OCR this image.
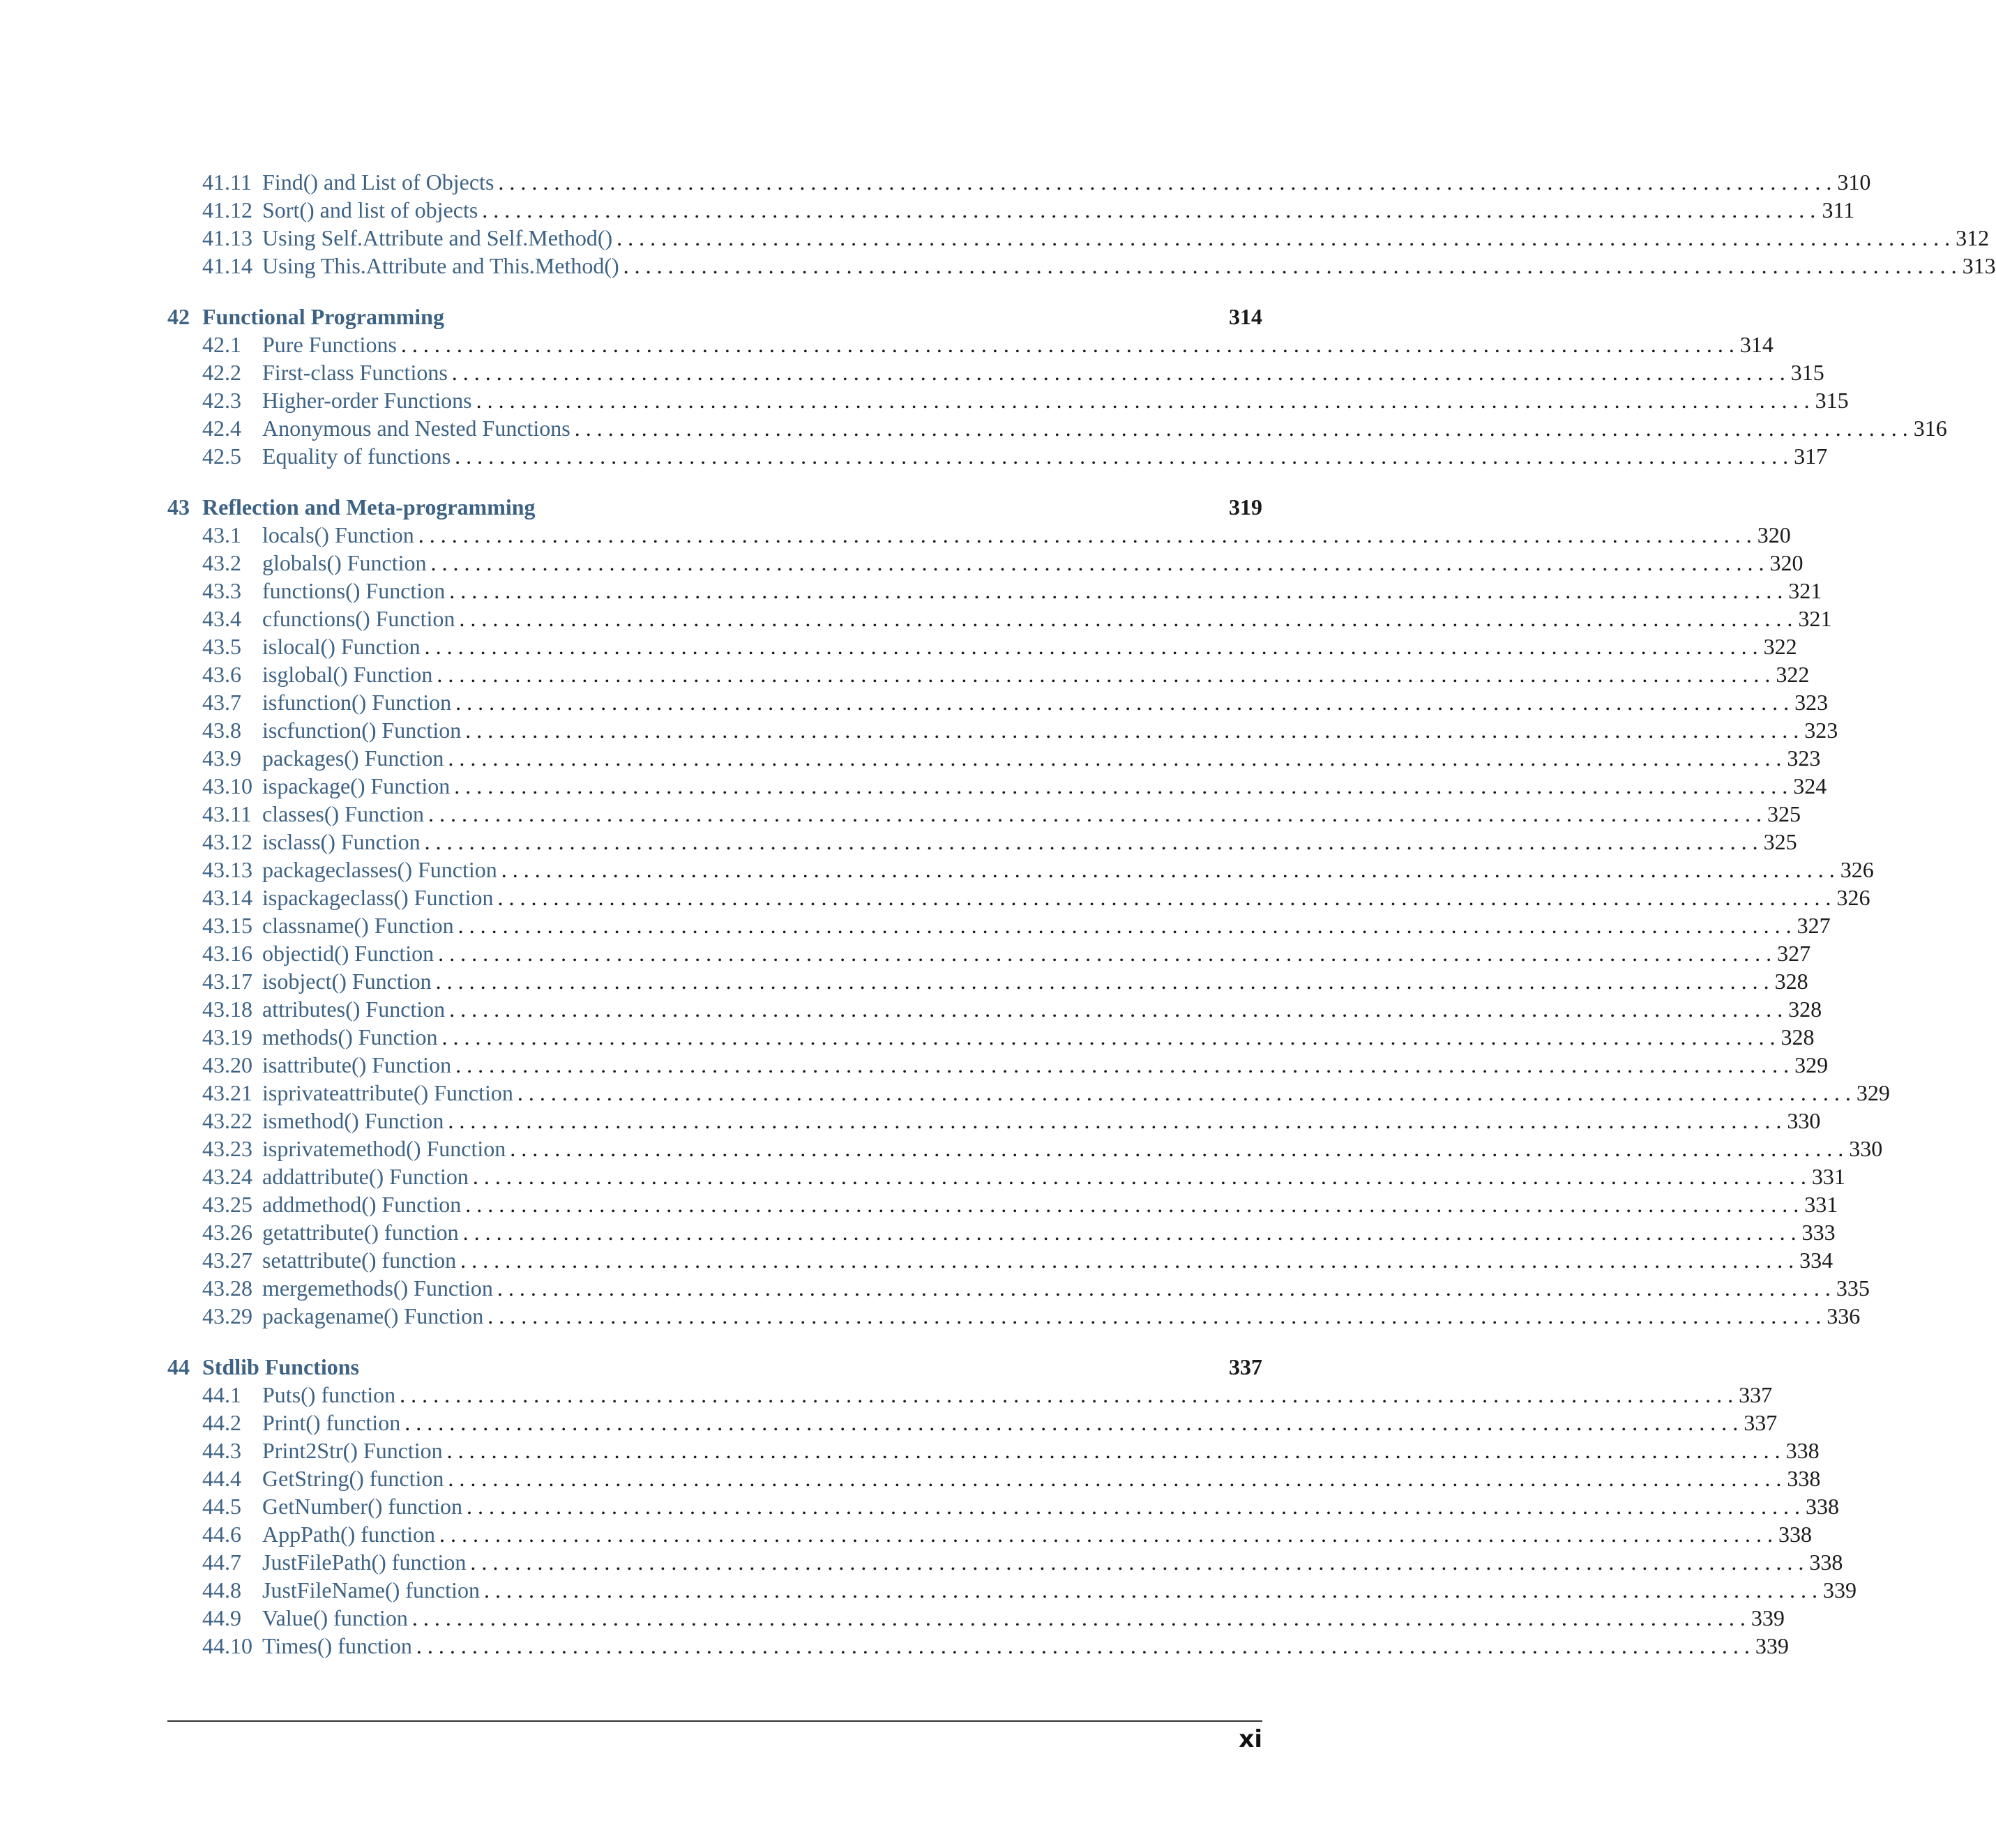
41.11 Find() and List of Objects . . . . . . . . . . . . . . . . . . . . . . . . . . . . . . . . . . . . . . . . . . . . . . . . . . . . . . . . . . . . . . . . . . . . . . . . . . . . . . . . . . . . . . . . . . . . . . . . . . . . . . . . . . . . . . . . . . . . . . . . 310
41.12 Sort() and list of objects . . . . . . . . . . . . . . . . . . . . . . . . . . . . . . . . . . . . . . . . . . . . . . . . . . . . . . . . . . . . . . . . . . . . . . . . . . . . . . . . . . . . . . . . . . . . . . . . . . . . . . . . . . . . . . . . . . . . . . . . 311
41.13 Using Self.Attribute and Self.Method() . . . . . . . . . . . . . . . . . . . . . . . . . . . . . . . . . . . . . . . . . . . . . . . . . . . . . . . . . . . . . . . . . . . . . . . . . . . . . . . . . . . . . . . . . . . . . . . . . . . . . . . . . . . . . . . . . . . . . . . . 312
41.14 Using This.Attribute and This.Method() . . . . . . . . . . . . . . . . . . . . . . . . . . . . . . . . . . . . . . . . . . . . . . . . . . . . . . . . . . . . . . . . . . . . . . . . . . . . . . . . . . . . . . . . . . . . . . . . . . . . . . . . . . . . . . . . . . . . . . . . 313
42 Functional Programming	314
42.1 Pure Functions . . . . . . . . . . . . . . . . . . . . . . . . . . . . . . . . . . . . . . . . . . . . . . . . . . . . . . . . . . . . . . . . . . . . . . . . . . . . . . . . . . . . . . . . . . . . . . . . . . . . . . . . . . . . . . . . . . . . . . . . 314
42.2 First-class Functions . . . . . . . . . . . . . . . . . . . . . . . . . . . . . . . . . . . . . . . . . . . . . . . . . . . . . . . . . . . . . . . . . . . . . . . . . . . . . . . . . . . . . . . . . . . . . . . . . . . . . . . . . . . . . . . . . . . . . . . . 315
42.3 Higher-order Functions . . . . . . . . . . . . . . . . . . . . . . . . . . . . . . . . . . . . . . . . . . . . . . . . . . . . . . . . . . . . . . . . . . . . . . . . . . . . . . . . . . . . . . . . . . . . . . . . . . . . . . . . . . . . . . . . . . . . . . . . 315
42.4 Anonymous and Nested Functions . . . . . . . . . . . . . . . . . . . . . . . . . . . . . . . . . . . . . . . . . . . . . . . . . . . . . . . . . . . . . . . . . . . . . . . . . . . . . . . . . . . . . . . . . . . . . . . . . . . . . . . . . . . . . . . . . . . . . . . . 316
42.5 Equality of functions . . . . . . . . . . . . . . . . . . . . . . . . . . . . . . . . . . . . . . . . . . . . . . . . . . . . . . . . . . . . . . . . . . . . . . . . . . . . . . . . . . . . . . . . . . . . . . . . . . . . . . . . . . . . . . . . . . . . . . . . 317
43 Reflection and Meta-programming	319
43.1 locals() Function . . . . . . . . . . . . . . . . . . . . . . . . . . . . . . . . . . . . . . . . . . . . . . . . . . . . . . . . . . . . . . . . . . . . . . . . . . . . . . . . . . . . . . . . . . . . . . . . . . . . . . . . . . . . . . . . . . . . . . . . 320
43.2 globals() Function . . . . . . . . . . . . . . . . . . . . . . . . . . . . . . . . . . . . . . . . . . . . . . . . . . . . . . . . . . . . . . . . . . . . . . . . . . . . . . . . . . . . . . . . . . . . . . . . . . . . . . . . . . . . . . . . . . . . . . . . 320
43.3 functions() Function . . . . . . . . . . . . . . . . . . . . . . . . . . . . . . . . . . . . . . . . . . . . . . . . . . . . . . . . . . . . . . . . . . . . . . . . . . . . . . . . . . . . . . . . . . . . . . . . . . . . . . . . . . . . . . . . . . . . . . . . 321
43.4 cfunctions() Function . . . . . . . . . . . . . . . . . . . . . . . . . . . . . . . . . . . . . . . . . . . . . . . . . . . . . . . . . . . . . . . . . . . . . . . . . . . . . . . . . . . . . . . . . . . . . . . . . . . . . . . . . . . . . . . . . . . . . . . . 321
43.5 islocal() Function . . . . . . . . . . . . . . . . . . . . . . . . . . . . . . . . . . . . . . . . . . . . . . . . . . . . . . . . . . . . . . . . . . . . . . . . . . . . . . . . . . . . . . . . . . . . . . . . . . . . . . . . . . . . . . . . . . . . . . . . 322
43.6 isglobal() Function . . . . . . . . . . . . . . . . . . . . . . . . . . . . . . . . . . . . . . . . . . . . . . . . . . . . . . . . . . . . . . . . . . . . . . . . . . . . . . . . . . . . . . . . . . . . . . . . . . . . . . . . . . . . . . . . . . . . . . . . 322
43.7 isfunction() Function . . . . . . . . . . . . . . . . . . . . . . . . . . . . . . . . . . . . . . . . . . . . . . . . . . . . . . . . . . . . . . . . . . . . . . . . . . . . . . . . . . . . . . . . . . . . . . . . . . . . . . . . . . . . . . . . . . . . . . . . 323
43.8 iscfunction() Function . . . . . . . . . . . . . . . . . . . . . . . . . . . . . . . . . . . . . . . . . . . . . . . . . . . . . . . . . . . . . . . . . . . . . . . . . . . . . . . . . . . . . . . . . . . . . . . . . . . . . . . . . . . . . . . . . . . . . . . . 323
43.9 packages() Function . . . . . . . . . . . . . . . . . . . . . . . . . . . . . . . . . . . . . . . . . . . . . . . . . . . . . . . . . . . . . . . . . . . . . . . . . . . . . . . . . . . . . . . . . . . . . . . . . . . . . . . . . . . . . . . . . . . . . . . . 323
43.10 ispackage() Function . . . . . . . . . . . . . . . . . . . . . . . . . . . . . . . . . . . . . . . . . . . . . . . . . . . . . . . . . . . . . . . . . . . . . . . . . . . . . . . . . . . . . . . . . . . . . . . . . . . . . . . . . . . . . . . . . . . . . . . . 324
43.11 classes() Function . . . . . . . . . . . . . . . . . . . . . . . . . . . . . . . . . . . . . . . . . . . . . . . . . . . . . . . . . . . . . . . . . . . . . . . . . . . . . . . . . . . . . . . . . . . . . . . . . . . . . . . . . . . . . . . . . . . . . . . . 325
43.12 isclass() Function . . . . . . . . . . . . . . . . . . . . . . . . . . . . . . . . . . . . . . . . . . . . . . . . . . . . . . . . . . . . . . . . . . . . . . . . . . . . . . . . . . . . . . . . . . . . . . . . . . . . . . . . . . . . . . . . . . . . . . . . 325
43.13 packageclasses() Function . . . . . . . . . . . . . . . . . . . . . . . . . . . . . . . . . . . . . . . . . . . . . . . . . . . . . . . . . . . . . . . . . . . . . . . . . . . . . . . . . . . . . . . . . . . . . . . . . . . . . . . . . . . . . . . . . . . . . . . . 326
43.14 ispackageclass() Function . . . . . . . . . . . . . . . . . . . . . . . . . . . . . . . . . . . . . . . . . . . . . . . . . . . . . . . . . . . . . . . . . . . . . . . . . . . . . . . . . . . . . . . . . . . . . . . . . . . . . . . . . . . . . . . . . . . . . . . . 326
43.15 classname() Function . . . . . . . . . . . . . . . . . . . . . . . . . . . . . . . . . . . . . . . . . . . . . . . . . . . . . . . . . . . . . . . . . . . . . . . . . . . . . . . . . . . . . . . . . . . . . . . . . . . . . . . . . . . . . . . . . . . . . . . . 327
43.16 objectid() Function . . . . . . . . . . . . . . . . . . . . . . . . . . . . . . . . . . . . . . . . . . . . . . . . . . . . . . . . . . . . . . . . . . . . . . . . . . . . . . . . . . . . . . . . . . . . . . . . . . . . . . . . . . . . . . . . . . . . . . . . 327
43.17 isobject() Function . . . . . . . . . . . . . . . . . . . . . . . . . . . . . . . . . . . . . . . . . . . . . . . . . . . . . . . . . . . . . . . . . . . . . . . . . . . . . . . . . . . . . . . . . . . . . . . . . . . . . . . . . . . . . . . . . . . . . . . . 328
43.18 attributes() Function . . . . . . . . . . . . . . . . . . . . . . . . . . . . . . . . . . . . . . . . . . . . . . . . . . . . . . . . . . . . . . . . . . . . . . . . . . . . . . . . . . . . . . . . . . . . . . . . . . . . . . . . . . . . . . . . . . . . . . . . 328
43.19 methods() Function . . . . . . . . . . . . . . . . . . . . . . . . . . . . . . . . . . . . . . . . . . . . . . . . . . . . . . . . . . . . . . . . . . . . . . . . . . . . . . . . . . . . . . . . . . . . . . . . . . . . . . . . . . . . . . . . . . . . . . . . 328
43.20 isattribute() Function . . . . . . . . . . . . . . . . . . . . . . . . . . . . . . . . . . . . . . . . . . . . . . . . . . . . . . . . . . . . . . . . . . . . . . . . . . . . . . . . . . . . . . . . . . . . . . . . . . . . . . . . . . . . . . . . . . . . . . . . 329
43.21 isprivateattribute() Function . . . . . . . . . . . . . . . . . . . . . . . . . . . . . . . . . . . . . . . . . . . . . . . . . . . . . . . . . . . . . . . . . . . . . . . . . . . . . . . . . . . . . . . . . . . . . . . . . . . . . . . . . . . . . . . . . . . . . . . . 329
43.22 ismethod() Function . . . . . . . . . . . . . . . . . . . . . . . . . . . . . . . . . . . . . . . . . . . . . . . . . . . . . . . . . . . . . . . . . . . . . . . . . . . . . . . . . . . . . . . . . . . . . . . . . . . . . . . . . . . . . . . . . . . . . . . . 330
43.23 isprivatemethod() Function . . . . . . . . . . . . . . . . . . . . . . . . . . . . . . . . . . . . . . . . . . . . . . . . . . . . . . . . . . . . . . . . . . . . . . . . . . . . . . . . . . . . . . . . . . . . . . . . . . . . . . . . . . . . . . . . . . . . . . . . 330
43.24 addattribute() Function . . . . . . . . . . . . . . . . . . . . . . . . . . . . . . . . . . . . . . . . . . . . . . . . . . . . . . . . . . . . . . . . . . . . . . . . . . . . . . . . . . . . . . . . . . . . . . . . . . . . . . . . . . . . . . . . . . . . . . . . 331
43.25 addmethod() Function . . . . . . . . . . . . . . . . . . . . . . . . . . . . . . . . . . . . . . . . . . . . . . . . . . . . . . . . . . . . . . . . . . . . . . . . . . . . . . . . . . . . . . . . . . . . . . . . . . . . . . . . . . . . . . . . . . . . . . . . 331
43.26 getattribute() function . . . . . . . . . . . . . . . . . . . . . . . . . . . . . . . . . . . . . . . . . . . . . . . . . . . . . . . . . . . . . . . . . . . . . . . . . . . . . . . . . . . . . . . . . . . . . . . . . . . . . . . . . . . . . . . . . . . . . . . . 333
43.27 setattribute() function . . . . . . . . . . . . . . . . . . . . . . . . . . . . . . . . . . . . . . . . . . . . . . . . . . . . . . . . . . . . . . . . . . . . . . . . . . . . . . . . . . . . . . . . . . . . . . . . . . . . . . . . . . . . . . . . . . . . . . . . 334
43.28 mergemethods() Function . . . . . . . . . . . . . . . . . . . . . . . . . . . . . . . . . . . . . . . . . . . . . . . . . . . . . . . . . . . . . . . . . . . . . . . . . . . . . . . . . . . . . . . . . . . . . . . . . . . . . . . . . . . . . . . . . . . . . . . . 335
43.29 packagename() Function . . . . . . . . . . . . . . . . . . . . . . . . . . . . . . . . . . . . . . . . . . . . . . . . . . . . . . . . . . . . . . . . . . . . . . . . . . . . . . . . . . . . . . . . . . . . . . . . . . . . . . . . . . . . . . . . . . . . . . . . 336
44 Stdlib Functions	337
44.1 Puts() function . . . . . . . . . . . . . . . . . . . . . . . . . . . . . . . . . . . . . . . . . . . . . . . . . . . . . . . . . . . . . . . . . . . . . . . . . . . . . . . . . . . . . . . . . . . . . . . . . . . . . . . . . . . . . . . . . . . . . . . . 337
44.2 Print() function . . . . . . . . . . . . . . . . . . . . . . . . . . . . . . . . . . . . . . . . . . . . . . . . . . . . . . . . . . . . . . . . . . . . . . . . . . . . . . . . . . . . . . . . . . . . . . . . . . . . . . . . . . . . . . . . . . . . . . . . 337
44.3 Print2Str() Function . . . . . . . . . . . . . . . . . . . . . . . . . . . . . . . . . . . . . . . . . . . . . . . . . . . . . . . . . . . . . . . . . . . . . . . . . . . . . . . . . . . . . . . . . . . . . . . . . . . . . . . . . . . . . . . . . . . . . . . . 338
44.4 GetString() function . . . . . . . . . . . . . . . . . . . . . . . . . . . . . . . . . . . . . . . . . . . . . . . . . . . . . . . . . . . . . . . . . . . . . . . . . . . . . . . . . . . . . . . . . . . . . . . . . . . . . . . . . . . . . . . . . . . . . . . . 338
44.5 GetNumber() function . . . . . . . . . . . . . . . . . . . . . . . . . . . . . . . . . . . . . . . . . . . . . . . . . . . . . . . . . . . . . . . . . . . . . . . . . . . . . . . . . . . . . . . . . . . . . . . . . . . . . . . . . . . . . . . . . . . . . . . . 338
44.6 AppPath() function . . . . . . . . . . . . . . . . . . . . . . . . . . . . . . . . . . . . . . . . . . . . . . . . . . . . . . . . . . . . . . . . . . . . . . . . . . . . . . . . . . . . . . . . . . . . . . . . . . . . . . . . . . . . . . . . . . . . . . . . 338
44.7 JustFilePath() function . . . . . . . . . . . . . . . . . . . . . . . . . . . . . . . . . . . . . . . . . . . . . . . . . . . . . . . . . . . . . . . . . . . . . . . . . . . . . . . . . . . . . . . . . . . . . . . . . . . . . . . . . . . . . . . . . . . . . . . . 338
44.8 JustFileName() function . . . . . . . . . . . . . . . . . . . . . . . . . . . . . . . . . . . . . . . . . . . . . . . . . . . . . . . . . . . . . . . . . . . . . . . . . . . . . . . . . . . . . . . . . . . . . . . . . . . . . . . . . . . . . . . . . . . . . . . . 339
44.9 Value() function . . . . . . . . . . . . . . . . . . . . . . . . . . . . . . . . . . . . . . . . . . . . . . . . . . . . . . . . . . . . . . . . . . . . . . . . . . . . . . . . . . . . . . . . . . . . . . . . . . . . . . . . . . . . . . . . . . . . . . . . 339
44.10 Times() function . . . . . . . . . . . . . . . . . . . . . . . . . . . . . . . . . . . . . . . . . . . . . . . . . . . . . . . . . . . . . . . . . . . . . . . . . . . . . . . . . . . . . . . . . . . . . . . . . . . . . . . . . . . . . . . . . . . . . . . . 339
xi
